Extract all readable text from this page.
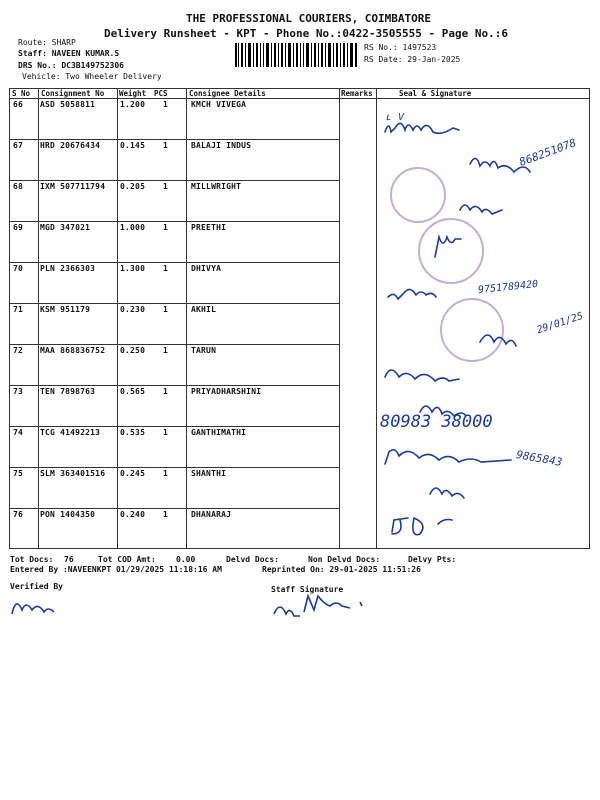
THE PROFESSIONAL COURIERS, COIMBATORE
Delivery Runsheet - KPT - Phone No.:0422-3505555 - Page No.:6
Route: SHARP
Staff: NAVEEN KUMAR.S
DRS No.: DC3B149752306
Vehicle: Two Wheeler Delivery
RS No.: 1497523
RS Date: 29-Jan-2025
S No Consignment No Weight PCS	Consignee Details	Remarks	Seal & Signature
66 ASD 5058811	1.200 1	KMCH VIVEGA
67 HRD 20676434 0.145 1	BALAJI INDUS
68 IXM 507711794 0.205 1	MILLWRIGHT
69 MGD 347021	1.000 1	PREETHI
70 PLN 2366303	1.300 1	DHIVYA
71 KSM 951179	0.230 1	AKHIL
72 MAA 868836752 0.250 1	TARUN
73 TEN 7898763	0.565 1	PRIYADHARSHINI
74 TCG 41492213 0.535 1	GANTHIMATHI
75 SLM 363401516 0.245 1	SHANTHI
76 PON 1404350	0.240 1	DHANARAJ
ʟ V
868251078
9751789420
29/01/25
80983 38000
9865843
Tot Docs: 76	Tot COD Amt:	0.00	Delvd Docs:	Non Delvd Docs:	Delvy Pts:
Entered By :NAVEENKPT 01/29/2025 11:18:16 AM	Reprinted On: 29-01-2025 11:51:26
Verified By	Staff Signature
